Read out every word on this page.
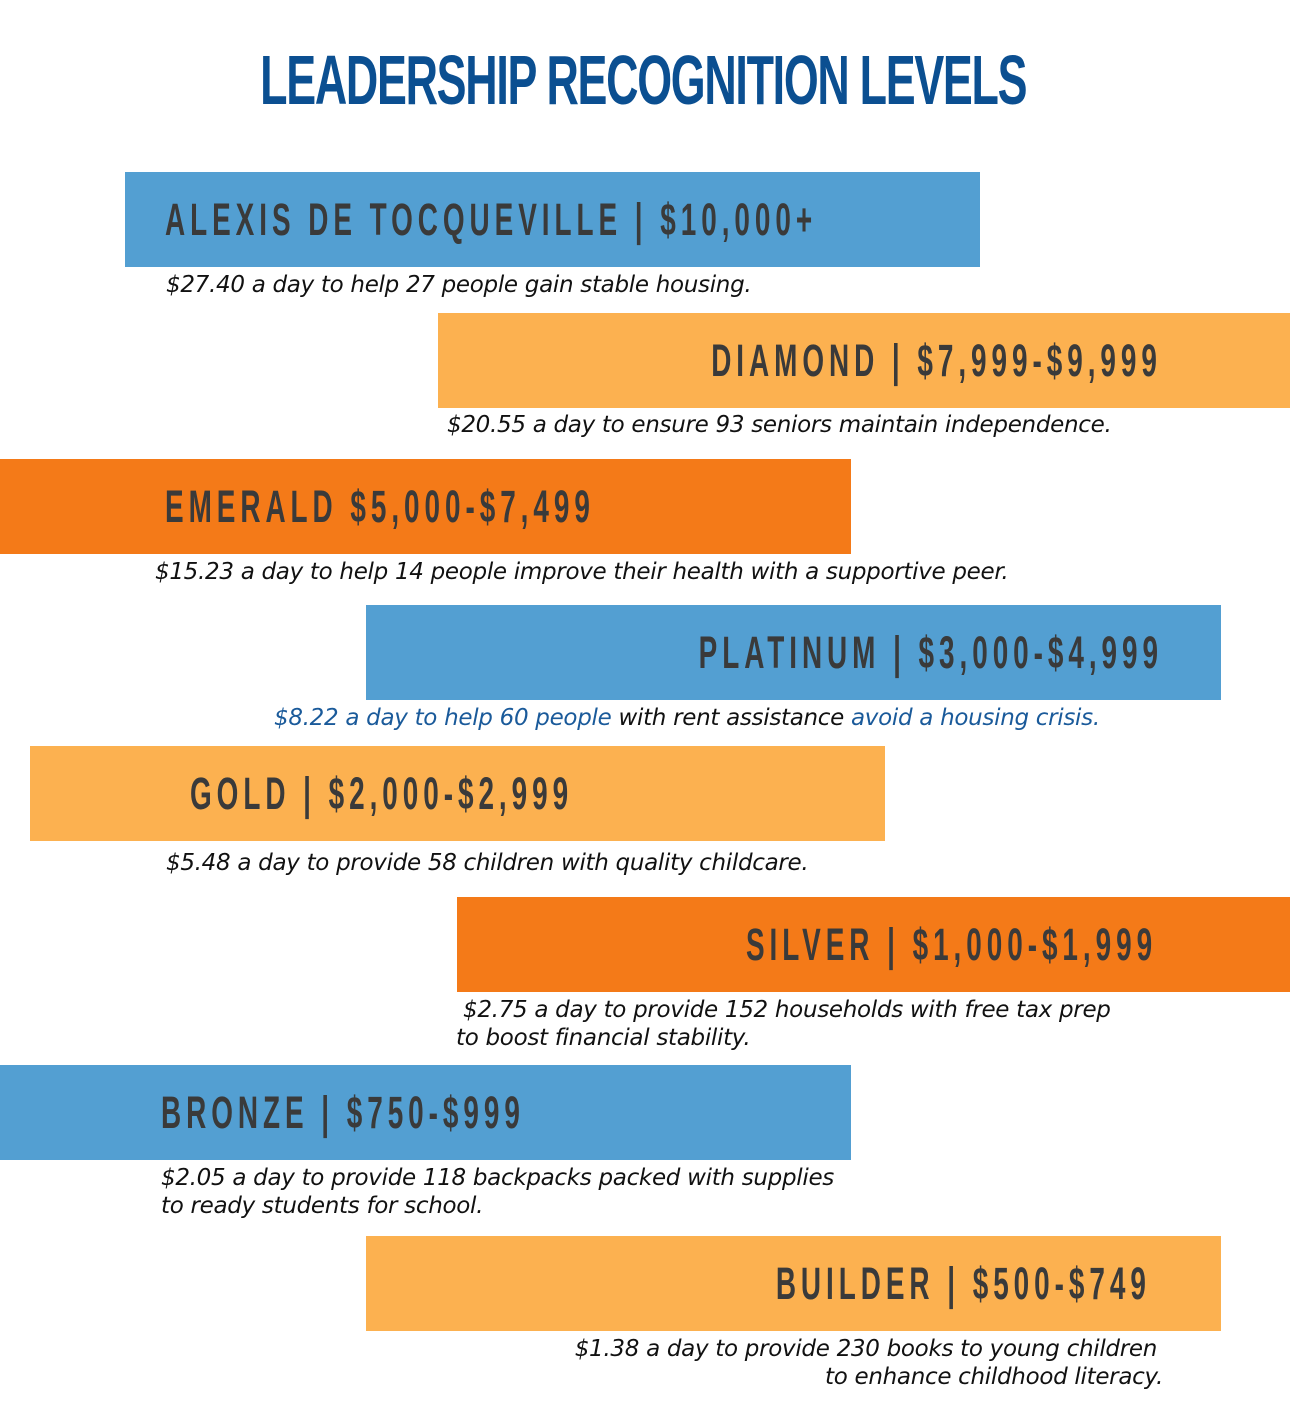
LEADERSHIP RECOGNITION LEVELS
ALEXIS DE TOCQUEVILLE | $10,000+
$27.40 a day to help 27 people gain stable housing.
DIAMOND | $7,999-$9,999
$20.55 a day to ensure 93 seniors maintain independence.
EMERALD $5,000-$7,499
$15.23 a day to help 14 people improve their health with a supportive peer.
PLATINUM | $3,000-$4,999
$8.22 a day to help 60 people with rent assistance avoid a housing crisis.
GOLD | $2,000-$2,999
$5.48 a day to provide 58 children with quality childcare.
SILVER | $1,000-$1,999
$2.75 a day to provide 152 households with free tax prep
to boost financial stability.
BRONZE | $750-$999
$2.05 a day to provide 118 backpacks packed with supplies
to ready students for school.
BUILDER | $500-$749
$1.38 a day to provide 230 books to young children
to enhance childhood literacy.
